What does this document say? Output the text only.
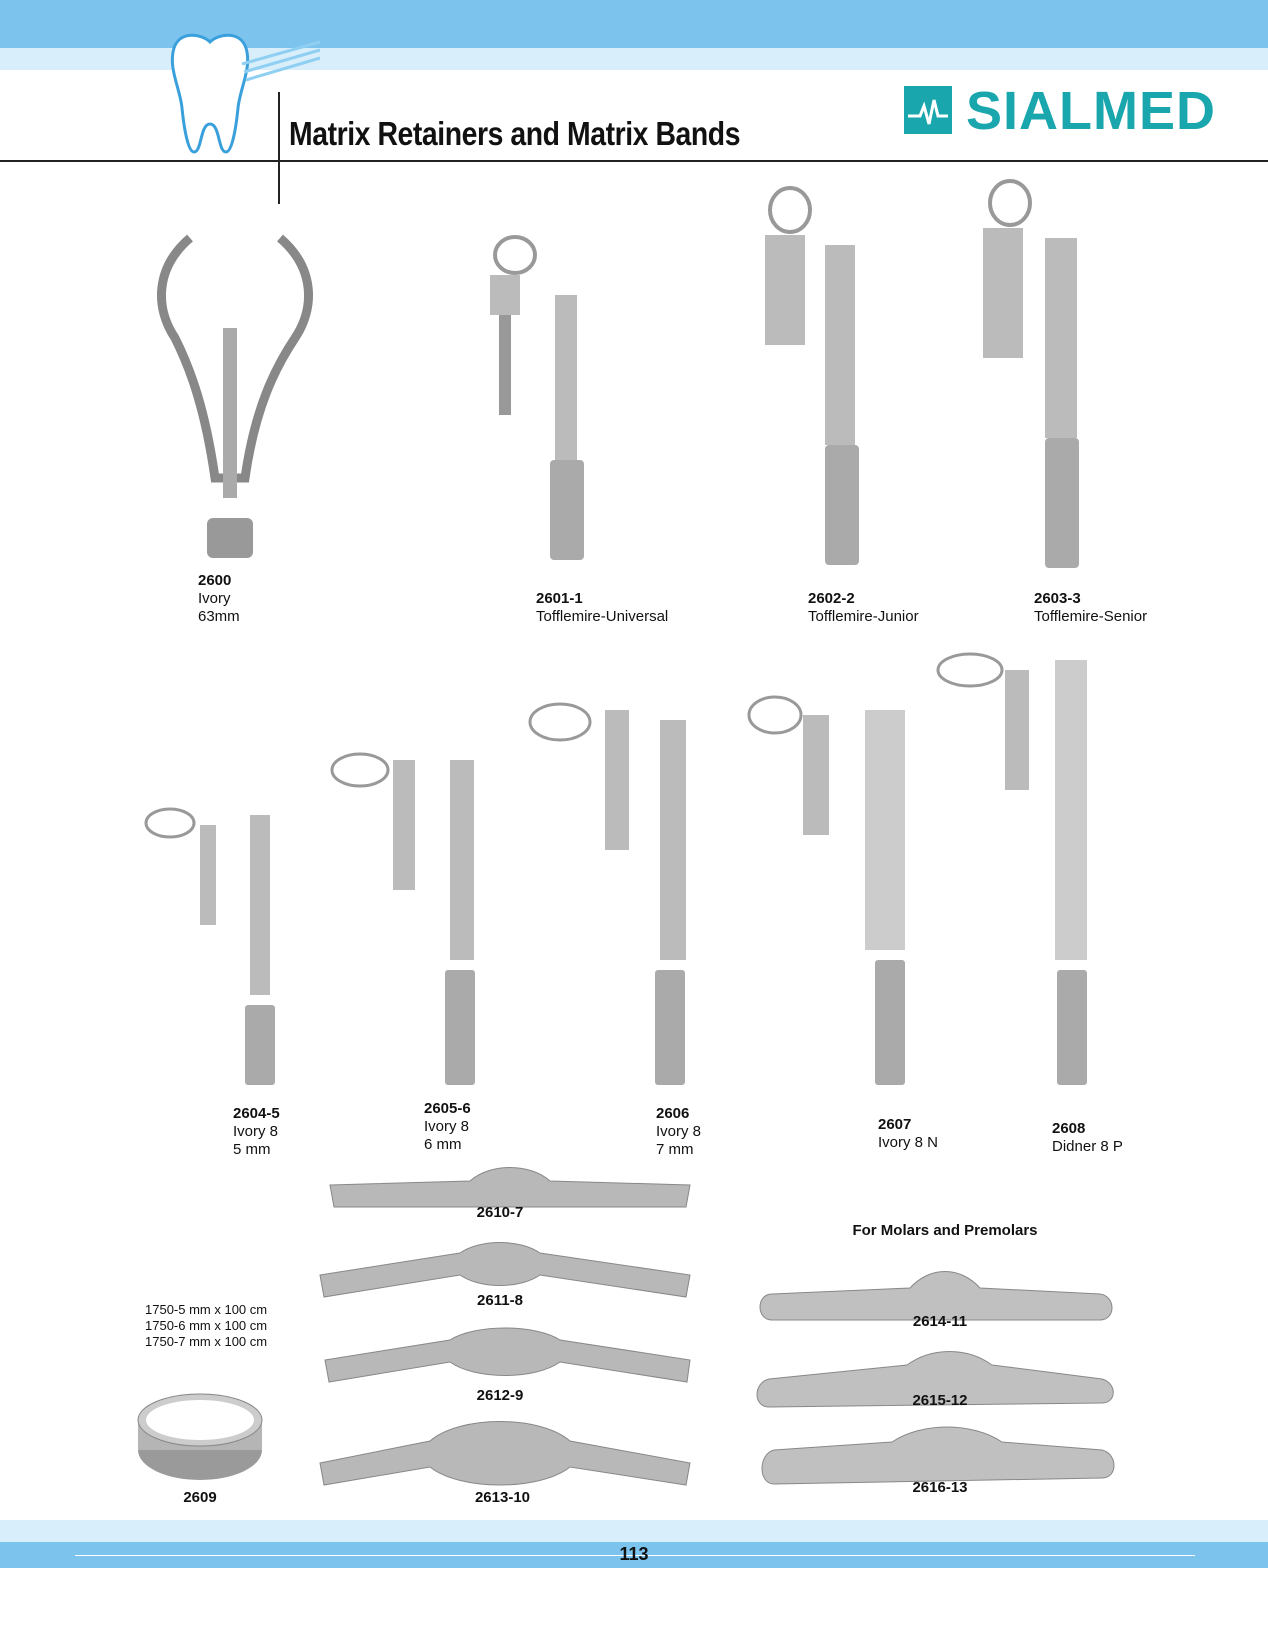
Matrix Retainers and Matrix Bands	SIALMED
2600
Ivory
63mm
2601-1
Tofflemire-Universal
2602-2
Tofflemire-Junior
2603-3
Tofflemire-Senior
2604-5
Ivory 8
5 mm
2605-6
Ivory 8
6 mm
2606
Ivory 8
7 mm
2607
Ivory 8 N
2608
Didner 8 P
2610-7
2611-8
2612-9
2613-10
For Molars and Premolars
2614-11
2615-12
2616-13
1750-5 mm x 100 cm
1750-6 mm x 100 cm
1750-7 mm x 100 cm
2609
113
